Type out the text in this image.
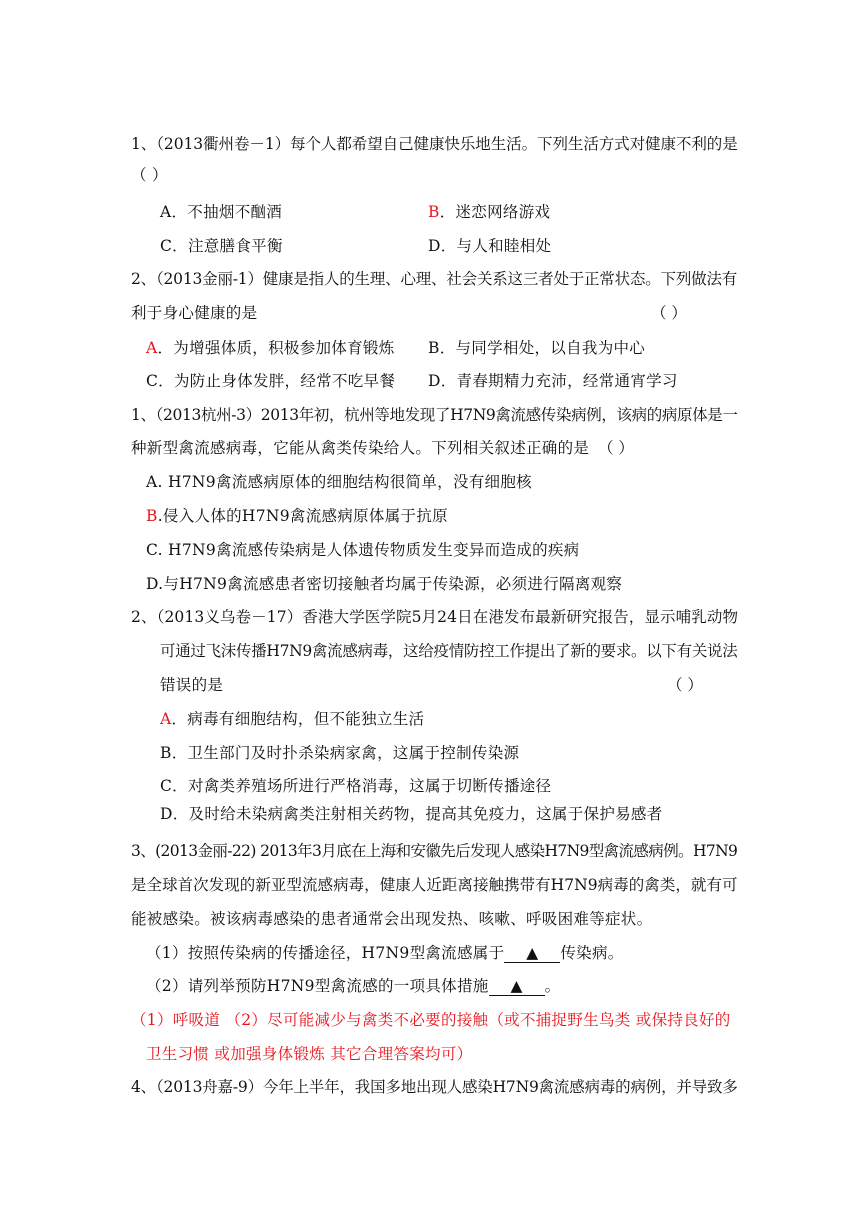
1、（2013衢州卷－1）每个人都希望自己健康快乐地生活。下列生活方式对健康不利的是
（ ）
A．不抽烟不酗酒	B．迷恋网络游戏
C．注意膳食平衡	D．与人和睦相处
2、（2013金丽-1）健康是指人的生理、心理、社会关系这三者处于正常状态。下列做法有
利于身心健康的是	（ ）
A．为增强体质，积极参加体育锻炼 B．与同学相处，以自我为中心
C．为防止身体发胖，经常不吃早餐 D．青春期精力充沛，经常通宵学习
1、（2013杭州-3）2013年初，杭州等地发现了H7N9禽流感传染病例，该病的病原体是一
种新型禽流感病毒，它能从禽类传染给人。下列相关叙述正确的是 （ ）
A. H7N9禽流感病原体的细胞结构很简单，没有细胞核
B.侵入人体的H7N9禽流感病原体属于抗原
C. H7N9禽流感传染病是人体遗传物质发生变异而造成的疾病
D.与H7N9禽流感患者密切接触者均属于传染源，必须进行隔离观察
2、（2013义乌卷－17）香港大学医学院5月24日在港发布最新研究报告，显示哺乳动物
可通过飞沫传播H7N9禽流感病毒，这给疫情防控工作提出了新的要求。以下有关说法
错误的是	（ ）
A．病毒有细胞结构，但不能独立生活
B．卫生部门及时扑杀染病家禽，这属于控制传染源
C．对禽类养殖场所进行严格消毒，这属于切断传播途径
D．及时给未染病禽类注射相关药物，提高其免疫力，这属于保护易感者
3、(2013金丽-22) 2013年3月底在上海和安徽先后发现人感染H7N9型禽流感病例。H7N9
是全球首次发现的新亚型流感病毒，健康人近距离接触携带有H7N9病毒的禽类，就有可
能被感染。被该病毒感染的患者通常会出现发热、咳嗽、呼吸困难等症状。
（1）按照传染病的传播途径，H7N9型禽流感属于 ▲ 传染病。
（2）请列举预防H7N9型禽流感的一项具体措施 ▲ 。
（1）呼吸道 （2）尽可能减少与禽类不必要的接触（或不捕捉野生鸟类 或保持良好的
卫生习惯 或加强身体锻炼 其它合理答案均可）
4、（2013舟嘉-9）今年上半年，我国多地出现人感染H7N9禽流感病毒的病例，并导致多
